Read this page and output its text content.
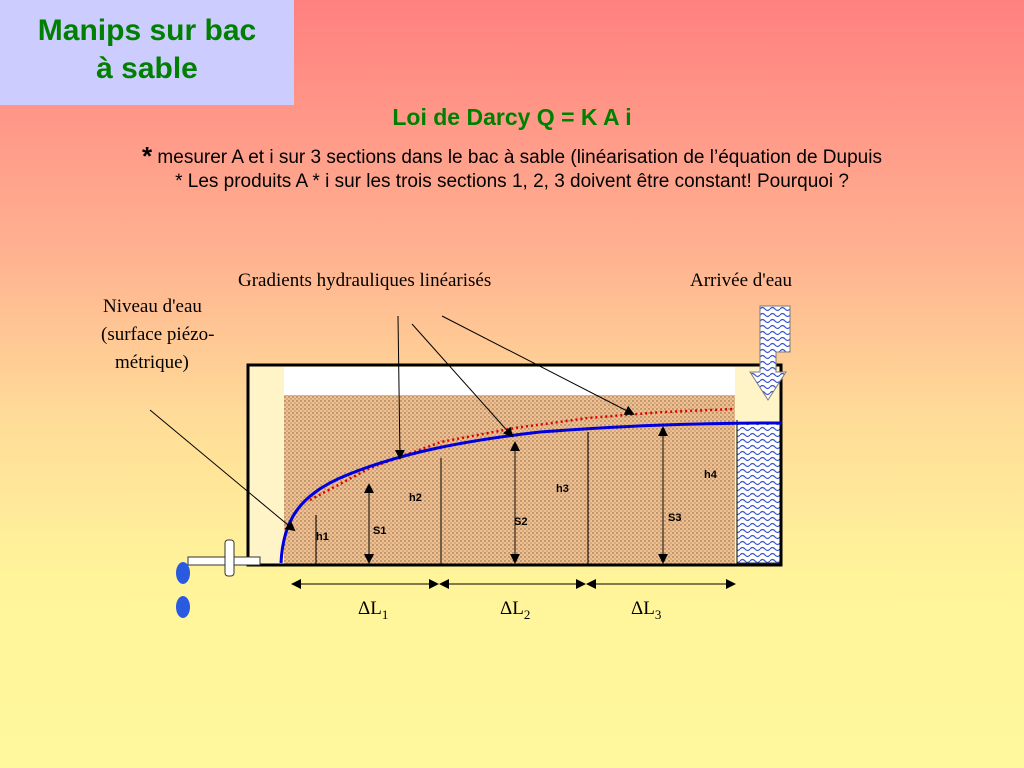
Manips sur bac
à sable
Loi de Darcy Q = K A i
* mesurer A et i sur 3 sections dans le bac à sable (linéarisation de l’équation de Dupuis
* Les produits A * i sur les trois sections 1, 2, 3 doivent être constant! Pourquoi ?
Gradients hydrauliques linéarisés	Arrivée d'eau
Niveau d'eau
(surface piézo-
métrique)
h1
h2
h3
h4
S1
S2	S3
$\Delta L_1$	$\Delta L_2$	$\Delta L_3$
